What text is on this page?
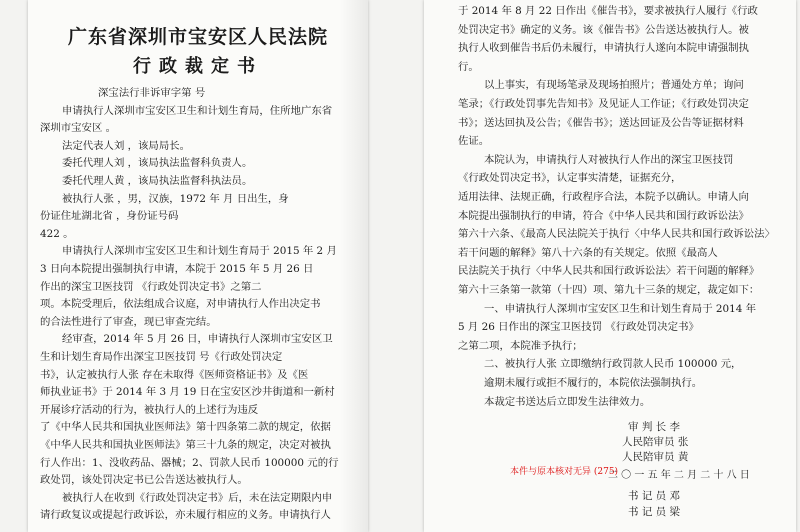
广东省深圳市宝安区人民法院
行政裁定书
深宝法行非诉审字第 号
申请执行人深圳市宝安区卫生和计划生育局，住所地广东省
深圳市宝安区 。
法定代表人刘 ，该局局长。
委托代理人刘 ，该局执法监督科负责人。
委托代理人黄 ，该局执法监督科执法员。
被执行人张 ，男，汉族，1972 年 月 日出生，身
份证住址湖北省 ，身份证号码
422 。
申请执行人深圳市宝安区卫生和计划生育局于 2015 年 2 月
3 日向本院提出强制执行申请，本院于 2015 年 5 月 26 日
作出的深宝卫医技罚 《行政处罚决定书》之第二
项。本院受理后，依法组成合议庭，对申请执行人作出决定书
的合法性进行了审查，现已审查完结。
经审查，2014 年 5 月 26 日，申请执行人深圳市宝安区卫
生和计划生育局作出深宝卫医技罚 号《行政处罚决定
书》，认定被执行人张 存在未取得《医师资格证书》及《医
师执业证书》于 2014 年 3 月 19 日在宝安区沙井街道和一新村
开展诊疗活动的行为，被执行人的上述行为违反
了《中华人民共和国执业医师法》第十四条第二款的规定，依据
《中华人民共和国执业医师法》第三十九条的规定，决定对被执
行人作出：1、没收药品、器械；2、罚款人民币 100000 元的行
政处罚，该处罚决定书已公告送达被执行人。
被执行人在收到《行政处罚决定书》后，未在法定期限内申
请行政复议或提起行政诉讼，亦未履行相应的义务。申请执行人
于 2014 年 8 月 22 日作出《催告书》，要求被执行人履行《行政
处罚决定书》确定的义务。该《催告书》公告送达被执行人。被
执行人收到催告书后仍未履行，申请执行人遂向本院申请强制执
行。
以上事实，有现场笔录及现场拍照片；普通处方单；询问
笔录；《行政处罚事先告知书》及见证人工作证；《行政处罚决定
书》；送达回执及公告；《催告书》；送达回证及公告等证据材料
佐证。
本院认为，申请执行人对被执行人作出的深宝卫医技罚
《行政处罚决定书》，认定事实清楚，证据充分，
适用法律、法规正确，行政程序合法，本院予以确认。申请人向
本院提出强制执行的申请，符合《中华人民共和国行政诉讼法》
第六十六条、《最高人民法院关于执行〈中华人民共和国行政诉讼法〉
若干问题的解释》第八十六条的有关规定。依照《最高人
民法院关于执行〈中华人民共和国行政诉讼法〉若干问题的解释》
第六十三条第一款第（十四）项、第九十三条的规定，裁定如下：
一、申请执行人深圳市宝安区卫生和计划生育局于 2014 年
5 月 26 日作出的深宝卫医技罚 《行政处罚决定书》
之第二项，本院准予执行；
二、被执行人张 立即缴纳行政罚款人民币 100000 元，
逾期未履行或拒不履行的，本院依法强制执行。
本裁定书送达后立即发生法律效力。
本件与原本核对无异 (275)
审 判 长 李
人民陪审员 张
人民陪审员 黄
二 〇 一 五 年 二 月 二 十 八 日
书 记 员 邓
书 记 员 梁
